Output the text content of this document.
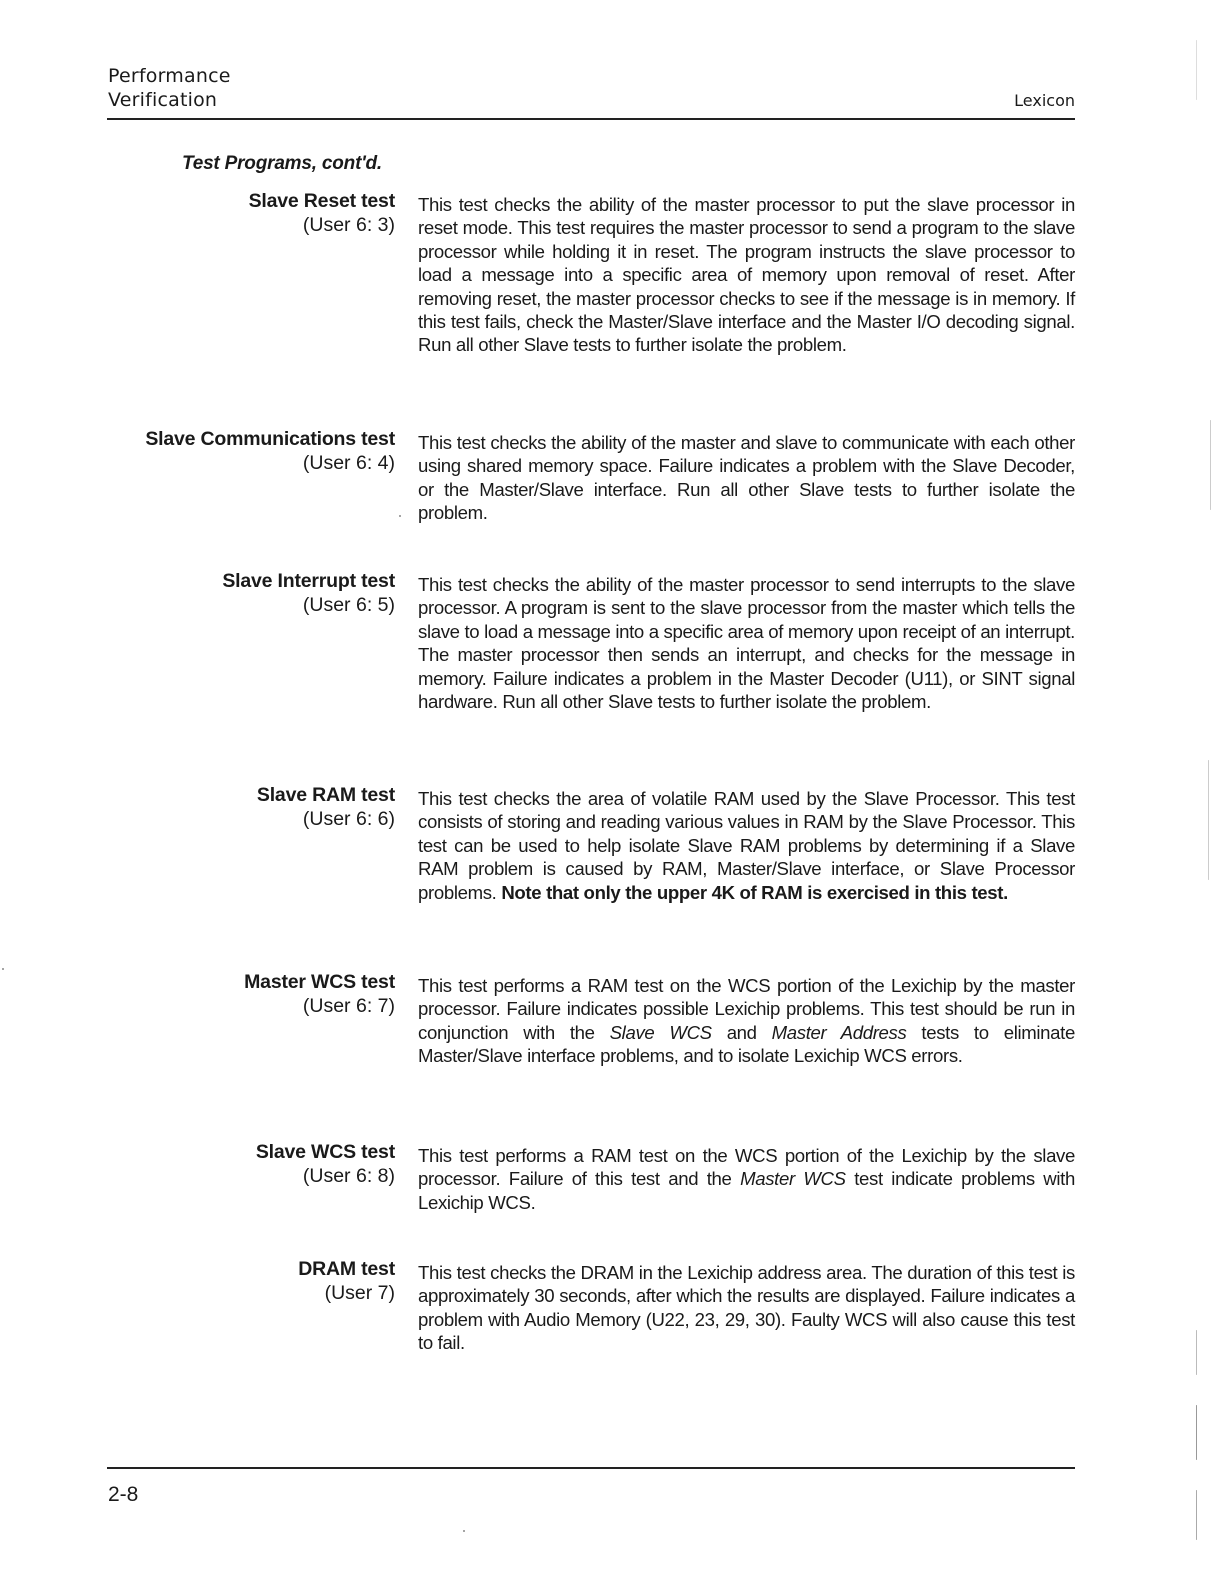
Performance
Verification	Lexicon
Test Programs, cont'd.
Slave Reset test
(User 6: 3)
This test checks the ability of the master processor to put the slave processor in reset mode. This test requires the master processor to send a program to the slave processor while holding it in reset. The program instructs the slave processor to load a message into a specific area of memory upon removal of reset. After removing reset, the master processor checks to see if the message is in memory. If this test fails, check the Master/Slave interface and the Master I/O decoding signal. Run all other Slave tests to further isolate the problem.
Slave Communications test
(User 6: 4)
This test checks the ability of the master and slave to communicate with each other using shared memory space. Failure indicates a problem with the Slave Decoder, or the Master/Slave interface. Run all other Slave tests to further isolate the problem.
Slave Interrupt test
(User 6: 5)
This test checks the ability of the master processor to send interrupts to the slave processor. A program is sent to the slave processor from the master which tells the slave to load a message into a specific area of memory upon receipt of an interrupt. The master processor then sends an interrupt, and checks for the message in memory. Failure indicates a problem in the Master Decoder (U11), or SINT signal hardware. Run all other Slave tests to further isolate the problem.
Slave RAM test
(User 6: 6)
This test checks the area of volatile RAM used by the Slave Processor. This test consists of storing and reading various values in RAM by the Slave Processor. This test can be used to help isolate Slave RAM problems by determining if a Slave RAM problem is caused by RAM, Master/Slave interface, or Slave Processor problems. Note that only the upper 4K of RAM is exercised in this test.
Master WCS test
(User 6: 7)
This test performs a RAM test on the WCS portion of the Lexichip by the master processor. Failure indicates possible Lexichip problems. This test should be run in conjunction with the Slave WCS and Master Address tests to eliminate Master/Slave interface problems, and to isolate Lexichip WCS errors.
Slave WCS test
(User 6: 8)
This test performs a RAM test on the WCS portion of the Lexichip by the slave processor. Failure of this test and the Master WCS test indicate problems with Lexichip WCS.
DRAM test
(User 7)
This test checks the DRAM in the Lexichip address area. The duration of this test is approximately 30 seconds, after which the results are displayed. Failure indicates a problem with Audio Memory (U22, 23, 29, 30). Faulty WCS will also cause this test to fail.
2-8
